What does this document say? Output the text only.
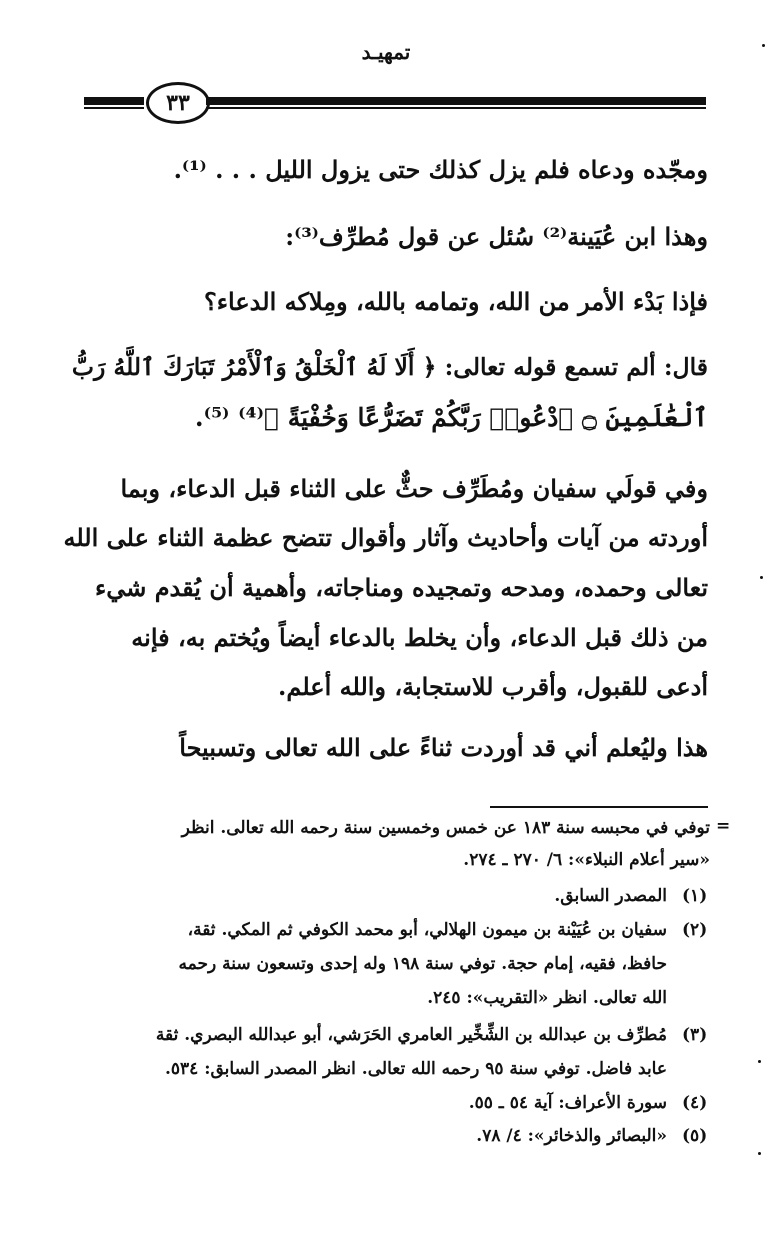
تمهيـد
٣٣
ومجّده ودعاه فلم يزل كذلك حتى يزول الليل . . . ⁽¹⁾.
وهذا ابن عُيَينة⁽²⁾ سُئل عن قول مُطرِّف⁽³⁾:
فإذا بَدْء الأمر من الله، وتمامه بالله، ومِلاكه الدعاء؟
قال: ألم تسمع قوله تعالى: ﴿ أَلَا لَهُ ٱلْخَلْقُ وَٱلْأَمْرُ تَبَارَكَ ٱللَّهُ رَبُّ
ٱلْعَٰلَمِينَ ۝ ٱدْعُوا۟ رَبَّكُمْ تَضَرُّعًا وَخُفْيَةً ﴾⁽⁴⁾ ⁽⁵⁾.
وفي قولَي سفيان ومُطَرِّف حثٌّ على الثناء قبل الدعاء، وبما
أوردته من آيات وأحاديث وآثار وأقوال تتضح عظمة الثناء على الله
تعالى وحمده، ومدحه وتمجيده ومناجاته، وأهمية أن يُقدم شيء
من ذلك قبل الدعاء، وأن يخلط بالدعاء أيضاً ويُختم به، فإنه
أدعى للقبول، وأقرب للاستجابة، والله أعلم.
هذا وليُعلم أني قد أوردت ثناءً على الله تعالى وتسبيحاً
=
توفي في محبسه سنة ١٨٣ عن خمس وخمسين سنة رحمه الله تعالى. انظر
«سير أعلام النبلاء»: ٦/ ٢٧٠ ـ ٢٧٤.
(١)
المصدر السابق.
(٢)
سفيان بن عُيَيْنة بن ميمون الهلالي، أبو محمد الكوفي ثم المكي. ثقة،
حافظ، فقيه، إمام حجة. توفي سنة ١٩٨ وله إحدى وتسعون سنة رحمه
الله تعالى. انظر «التقريب»: ٢٤٥.
(٣)
مُطرِّف بن عبدالله بن الشِّخِّير العامري الحَرَشي، أبو عبدالله البصري. ثقة
عابد فاضل. توفي سنة ٩٥ رحمه الله تعالى. انظر المصدر السابق: ٥٣٤.
(٤)
سورة الأعراف: آية ٥٤ ـ ٥٥.
(٥)
«البصائر والذخائر»: ٤/ ٧٨.
